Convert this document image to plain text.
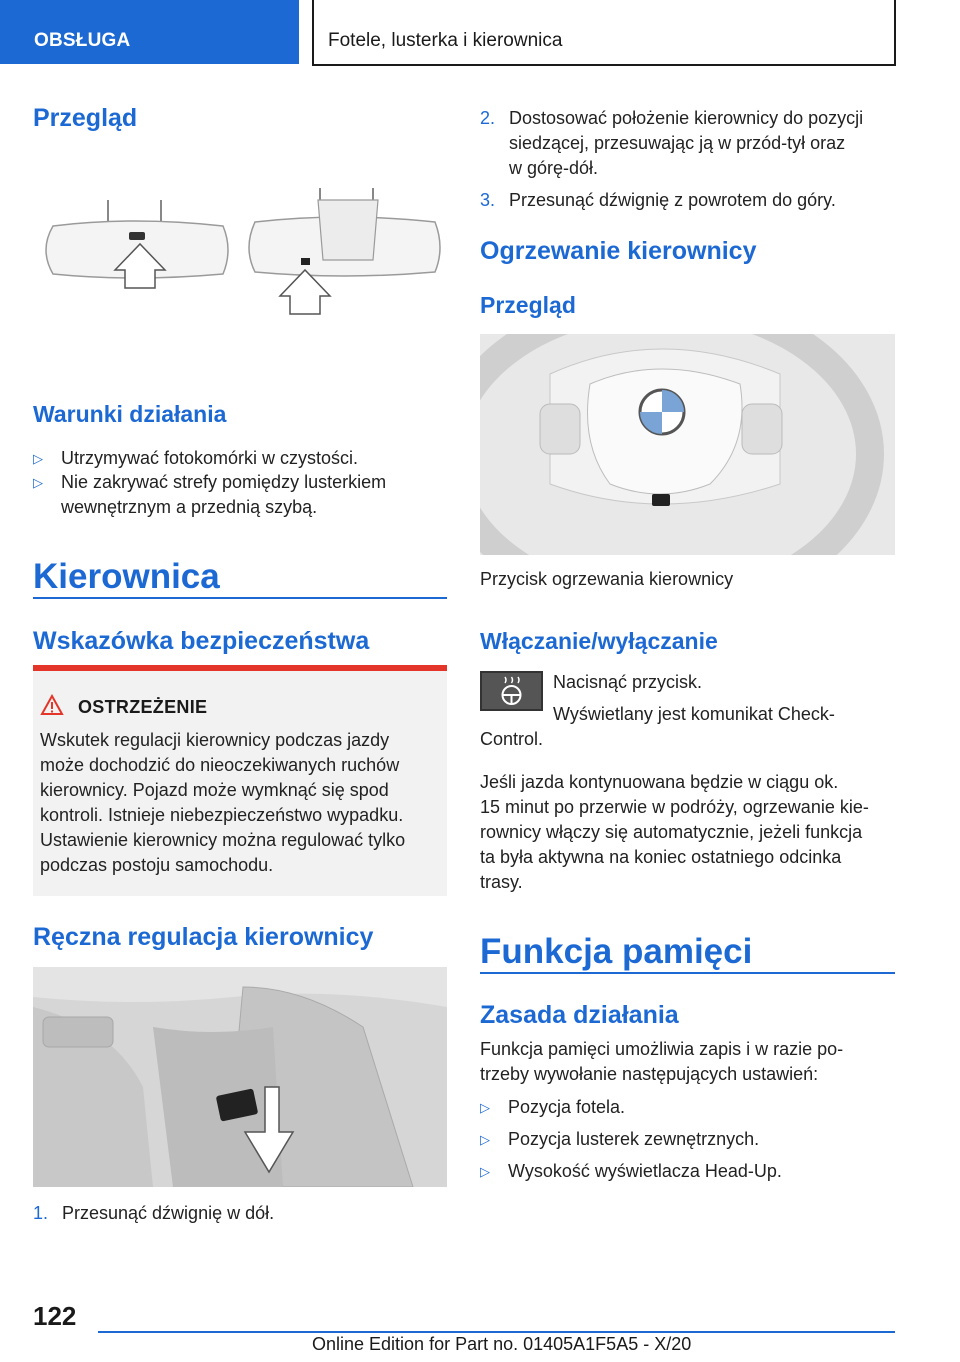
OBSŁUGA	Fotele, lusterka i kierownica
Przegląd
Warunki działania
▷ Utrzymywać fotokomórki w czystości.
▷ Nie zakrywać strefy pomiędzy lusterkiem
wewnętrznym a przednią szybą.
Kierownica
Wskazówka bezpieczeństwa
OSTRZEŻENIE
Wskutek regulacji kierownicy podczas jazdy
może dochodzić do nieoczekiwanych ruchów
kierownicy. Pojazd może wymknąć się spod
kontroli. Istnieje niebezpieczeństwo wypadku.
Ustawienie kierownicy można regulować tylko
podczas postoju samochodu.
Ręczna regulacja kierownicy
1. Przesunąć dźwignię w dół.
2. Dostosować położenie kierownicy do pozycji
siedzącej, przesuwając ją w przód-tył oraz
w górę-dół.
3. Przesunąć dźwignię z powrotem do góry.
Ogrzewanie kierownicy
Przegląd
Przycisk ogrzewania kierownicy
Włączanie/wyłączanie
Nacisnąć przycisk.
Wyświetlany jest komunikat Check-
Control.
Jeśli jazda kontynuowana będzie w ciągu ok.
15 minut po przerwie w podróży, ogrzewanie kie-
rownicy włączy się automatycznie, jeżeli funkcja
ta była aktywna na koniec ostatniego odcinka
trasy.
Funkcja pamięci
Zasada działania
Funkcja pamięci umożliwia zapis i w razie po-
trzeby wywołanie następujących ustawień:
▷ Pozycja fotela.
▷ Pozycja lusterek zewnętrznych.
▷ Wysokość wyświetlacza Head-Up.
122
Online Edition for Part no. 01405A1F5A5 - X/20
